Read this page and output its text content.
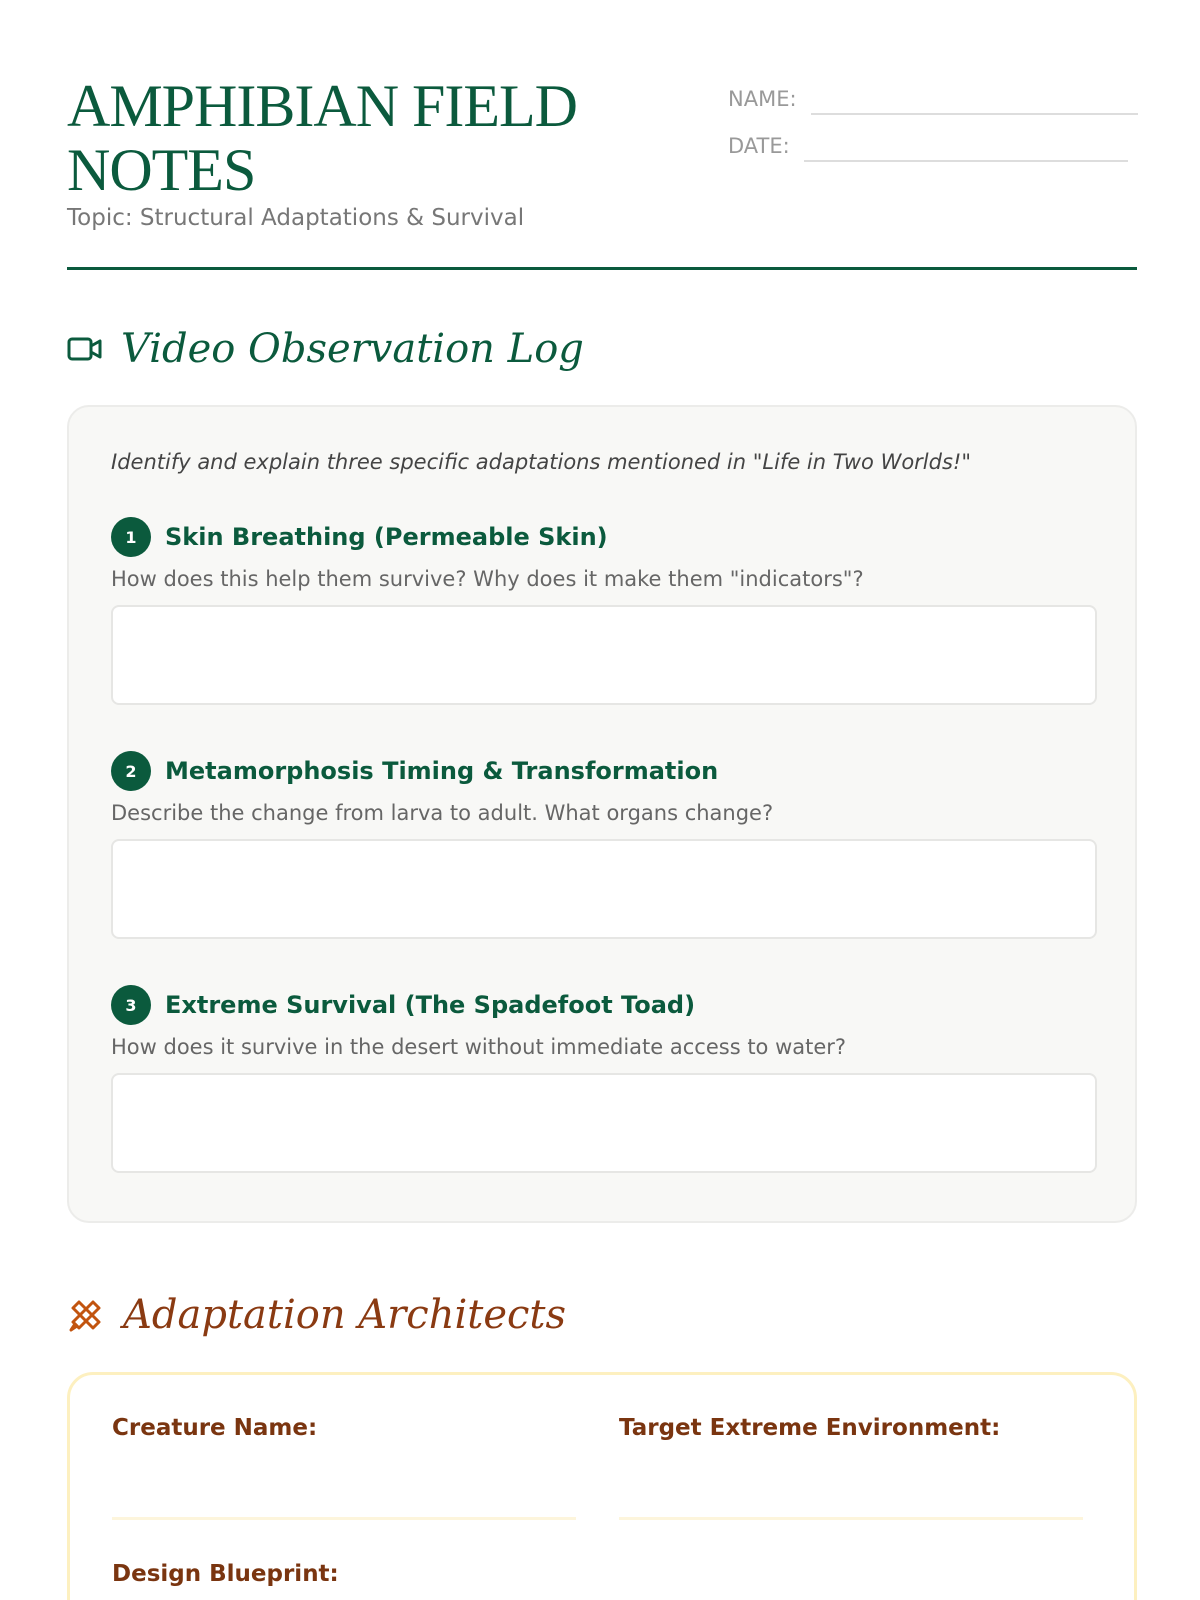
AMPHIBIAN FIELD NOTES
Topic: Structural Adaptations & Survival
NAME:
DATE:
Video Observation Log
Identify and explain three specific adaptations mentioned in "Life in Two Worlds!"
1	Skin Breathing (Permeable Skin)
How does this help them survive? Why does it make them "indicators"?
2	Metamorphosis Timing & Transformation
Describe the change from larva to adult. What organs change?
3	Extreme Survival (The Spadefoot Toad)
How does it survive in the desert without immediate access to water?
Adaptation Architects
Creature Name:	Target Extreme Environment:
Design Blueprint:
